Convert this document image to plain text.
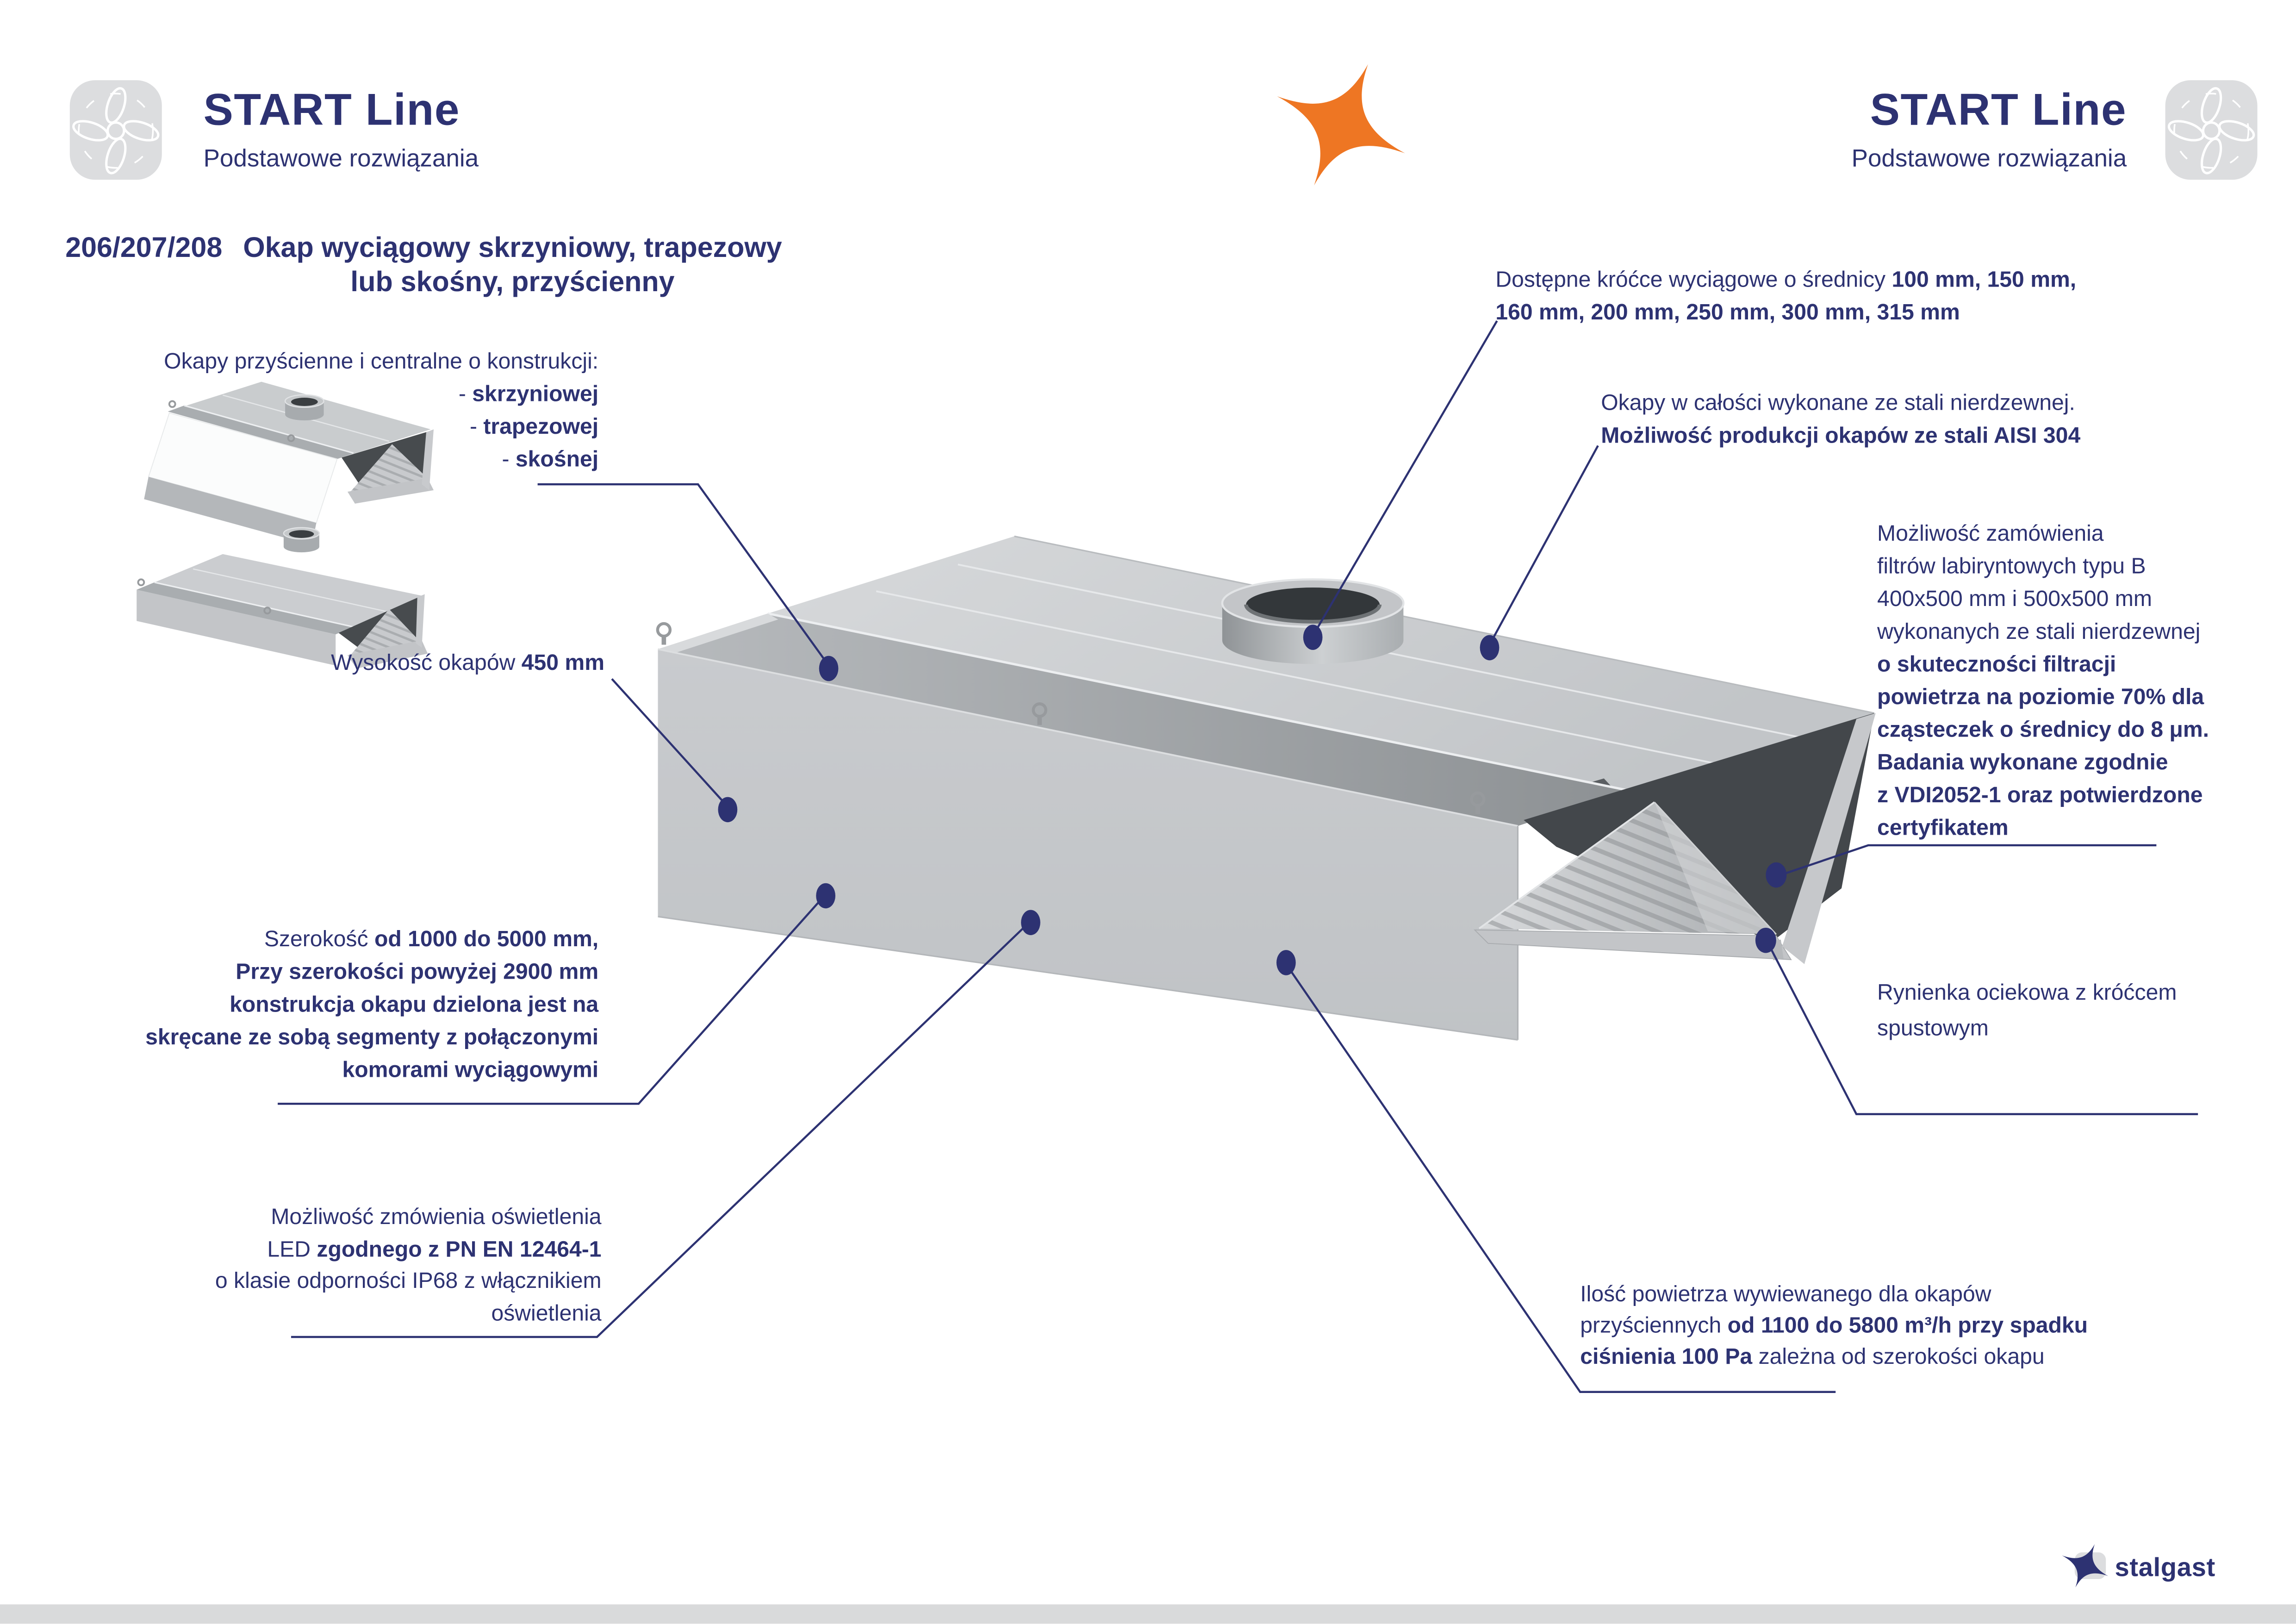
START Line
Podstawowe rozwiązania
START Line
Podstawowe rozwiązania
206/207/208 Okap wyciągowy skrzyniowy, trapezowy
lub skośny, przyścienny
Okapy przyścienne i centralne o konstrukcji:
- skrzyniowej
- trapezowej
- skośnej
Wysokość okapów 450 mm
Szerokość od 1000 do 5000 mm,
Przy szerokości powyżej 2900 mm
konstrukcja okapu dzielona jest na
skręcane ze sobą segmenty z połączonymi
komorami wyciągowymi
Możliwość zmówienia oświetlenia
LED zgodnego z PN EN 12464-1
o klasie odporności IP68 z włącznikiem
oświetlenia
Dostępne króćce wyciągowe o średnicy 100 mm, 150 mm,
160 mm, 200 mm, 250 mm, 300 mm, 315 mm
Okapy w całości wykonane ze stali nierdzewnej.
Możliwość produkcji okapów ze stali AISI 304
Możliwość zamówienia
filtrów labiryntowych typu B
400x500 mm i 500x500 mm
wykonanych ze stali nierdzewnej
o skuteczności filtracji
powietrza na poziomie 70% dla
cząsteczek o średnicy do 8 μm.
Badania wykonane zgodnie
z VDI2052-1 oraz potwierdzone
certyfikatem
Rynienka ociekowa z króćcem
spustowym
Ilość powietrza wywiewanego dla okapów
przyściennych od 1100 do 5800 m³/h przy spadku
ciśnienia 100 Pa zależna od szerokości okapu
stalgast
